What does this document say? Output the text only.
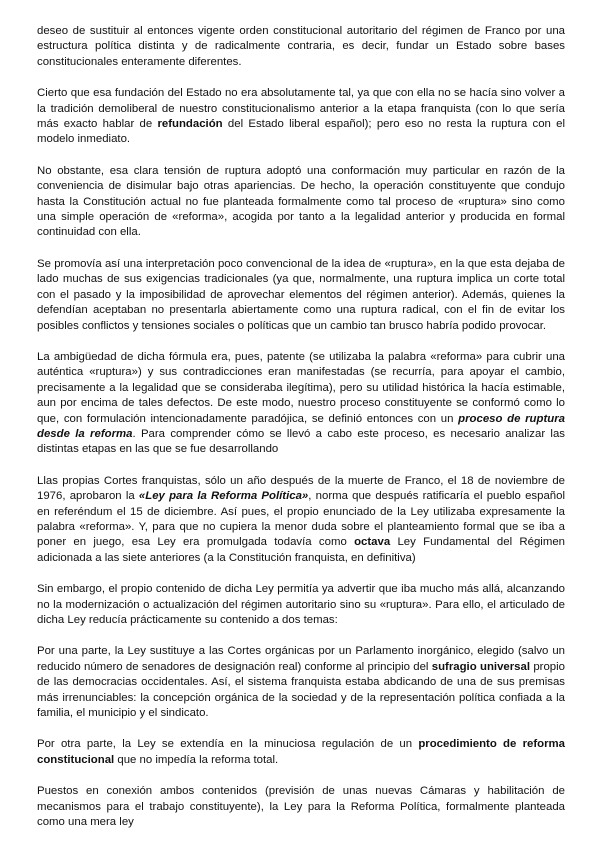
deseo de sustituir al entonces vigente orden constitucional autoritario del régimen de Franco por una estructura política distinta y de radicalmente contraria, es decir, fundar un Estado sobre bases constitucionales enteramente diferentes.

Cierto que esa fundación del Estado no era absolutamente tal, ya que con ella no se hacía sino volver a la tradición demoliberal de nuestro constitucionalismo anterior a la etapa franquista (con lo que sería más exacto hablar de refundación del Estado liberal español); pero eso no resta la ruptura con el modelo inmediato.

No obstante, esa clara tensión de ruptura adoptó una conformación muy particular en razón de la conveniencia de disimular bajo otras apariencias. De hecho, la operación constituyente que condujo hasta la Constitución actual no fue planteada formalmente como tal proceso de «ruptura» sino como una simple operación de «reforma», acogida por tanto a la legalidad anterior y producida en formal continuidad con ella.

Se promovía así una interpretación poco convencional de la idea de «ruptura», en la que esta dejaba de lado muchas de sus exigencias tradicionales (ya que, normalmente, una ruptura implica un corte total con el pasado y la imposibilidad de aprovechar elementos del régimen anterior). Además, quienes la defendían aceptaban no presentarla abiertamente como una ruptura radical, con el fin de evitar los posibles conflictos y tensiones sociales o políticas que un cambio tan brusco habría podido provocar.

La ambigüedad de dicha fórmula era, pues, patente (se utilizaba la palabra «reforma» para cubrir una auténtica «ruptura») y sus contradicciones eran manifestadas (se recurría, para apoyar el cambio, precisamente a la legalidad que se consideraba ilegítima), pero su utilidad histórica la hacía estimable, aun por encima de tales defectos. De este modo, nuestro proceso constituyente se conformó como lo que, con formulación intencionadamente paradójica, se definió entonces con un proceso de ruptura desde la reforma. Para comprender cómo se llevó a cabo este proceso, es necesario analizar las distintas etapas en las que se fue desarrollando

Llas propias Cortes franquistas, sólo un año después de la muerte de Franco, el 18 de noviembre de 1976, aprobaron la «Ley para la Reforma Política», norma que después ratificaría el pueblo español en referéndum el 15 de diciembre. Así pues, el propio enunciado de la Ley utilizaba expresamente la palabra «reforma». Y, para que no cupiera la menor duda sobre el planteamiento formal que se iba a poner en juego, esa Ley era promulgada todavía como octava Ley Fundamental del Régimen adicionada a las siete anteriores (a la Constitución franquista, en definitiva)

Sin embargo, el propio contenido de dicha Ley permitía ya advertir que iba mucho más allá, alcanzando no la modernización o actualización del régimen autoritario sino su «ruptura». Para ello, el articulado de dicha Ley reducía prácticamente su contenido a dos temas:

Por una parte, la Ley sustituye a las Cortes orgánicas por un Parlamento inorgánico, elegido (salvo un reducido número de senadores de designación real) conforme al principio del sufragio universal propio de las democracias occidentales. Así, el sistema franquista estaba abdicando de una de sus premisas más irrenunciables: la concepción orgánica de la sociedad y de la representación política confiada a la familia, el municipio y el sindicato.

Por otra parte, la Ley se extendía en la minuciosa regulación de un procedimiento de reforma constitucional que no impedía la reforma total.

Puestos en conexión ambos contenidos (previsión de unas nuevas Cámaras y habilitación de mecanismos para el trabajo constituyente), la Ley para la Reforma Política, formalmente planteada como una mera ley
